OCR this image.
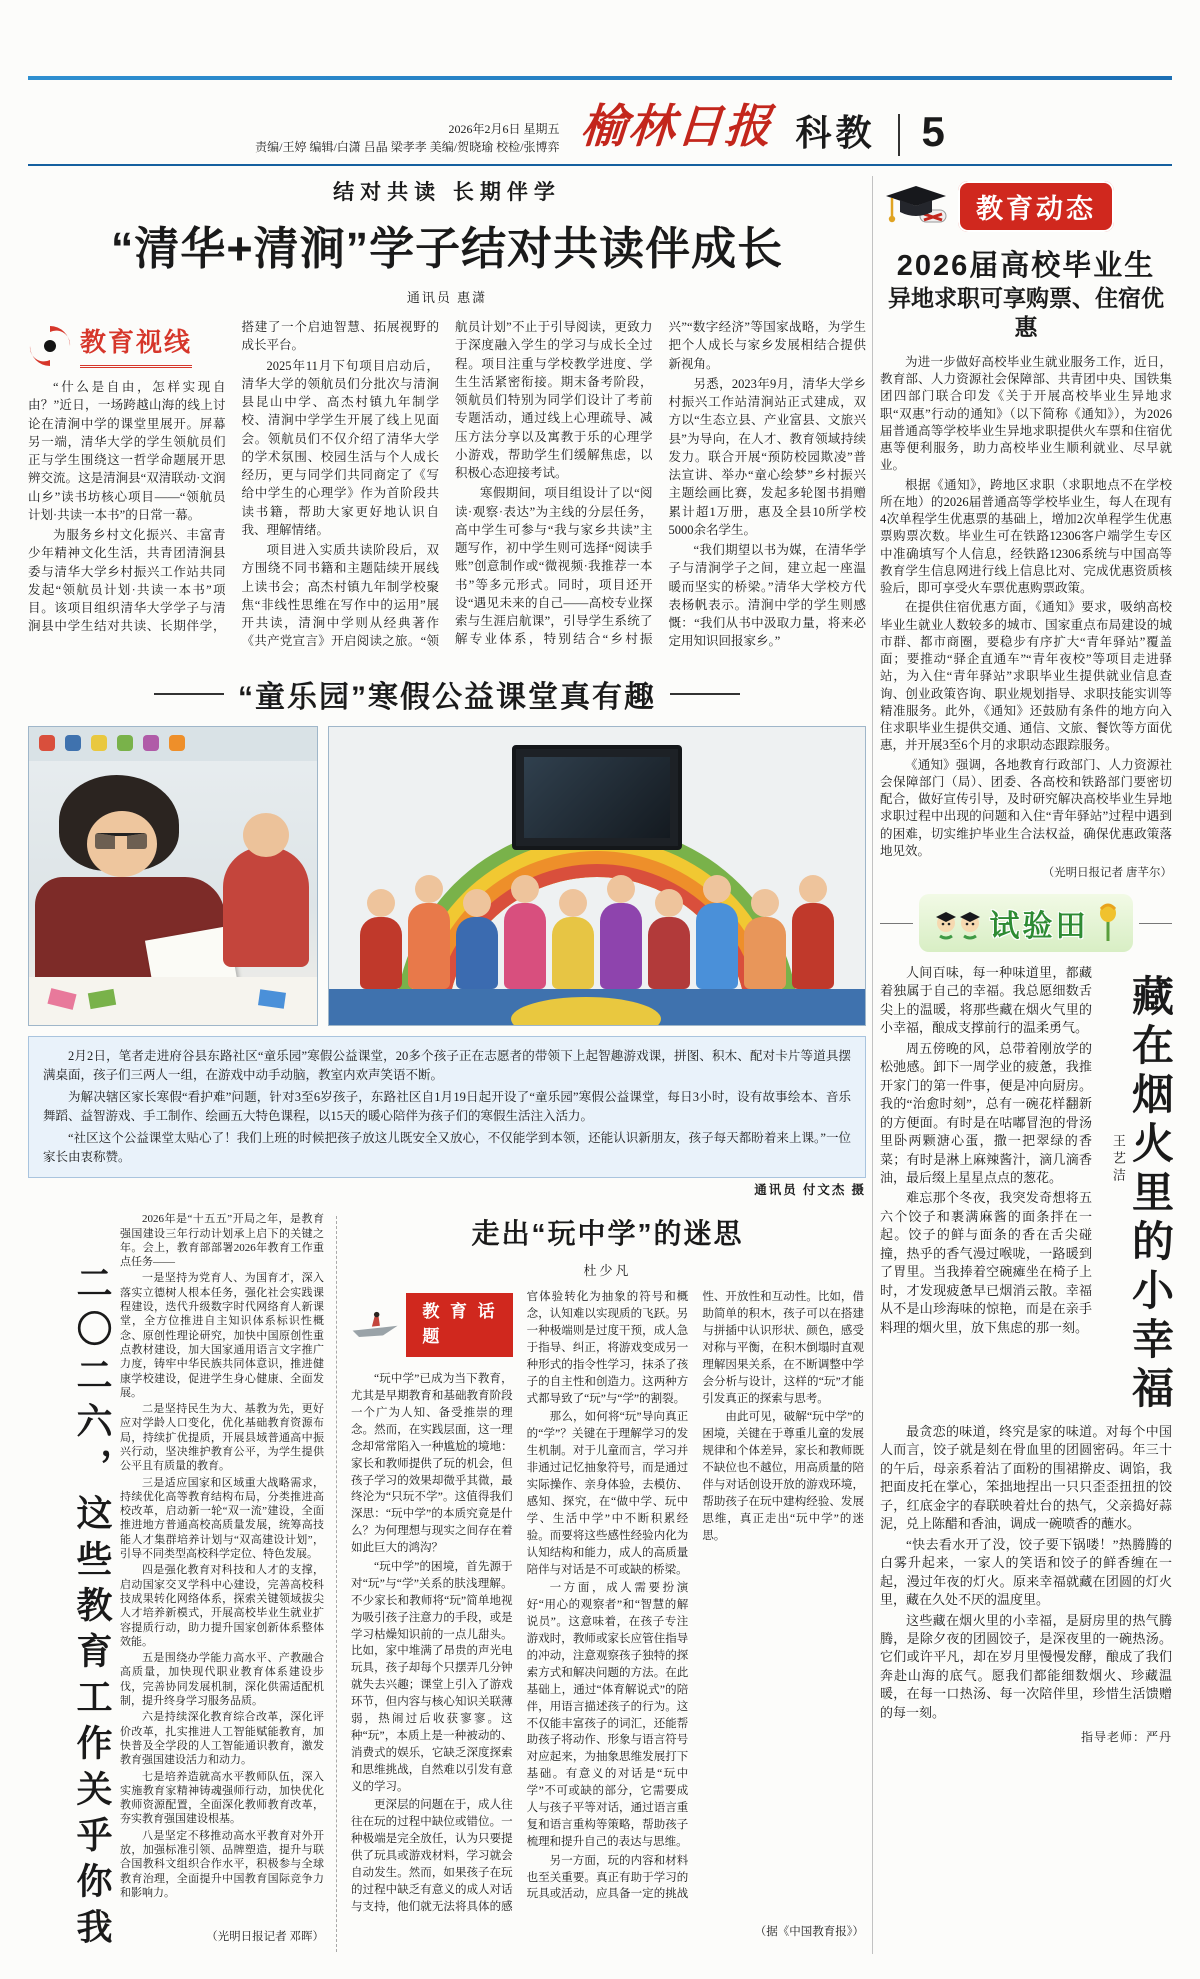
2026年2月6日 星期五
责编/王婷 编辑/白潇 吕晶 梁孝孝 美编/贺晓瑜 校检/张博弈 榆林日报 科教 5
结对共读 长期伴学
“清华+清涧”学子结对共读伴成长
通讯员 惠潇
教育视线

“什么是自由，怎样实现自由？”近日，一场跨越山海的线上讨论在清涧中学的课堂里展开。屏幕另一端，清华大学的学生领航员们正与学生围绕这一哲学命题展开思辨交流。这是清涧县“双清联动·文润山乡”读书坊核心项目——“领航员计划·共读一本书”的日常一幕。

为服务乡村文化振兴、丰富青少年精神文化生活，共青团清涧县委与清华大学乡村振兴工作站共同发起“领航员计划·共读一本书”项目。该项目组织清华大学学子与清涧县中学生结对共读、长期伴学，搭建了一个启迪智慧、拓展视野的成长平台。

2025年11月下旬项目启动后，清华大学的领航员们分批次与清涧县昆山中学、高杰村镇九年制学校、清涧中学学生开展了线上见面会。领航员们不仅介绍了清华大学的学术氛围、校园生活与个人成长经历，更与同学们共同商定了《写给中学生的心理学》作为首阶段共读书籍，帮助大家更好地认识自我、理解情绪。

项目进入实质共读阶段后，双方围绕不同书籍和主题陆续开展线上读书会；高杰村镇九年制学校聚焦“非线性思维在写作中的运用”展开共读，清涧中学则从经典著作《共产党宣言》开启阅读之旅。“领航员计划”不止于引导阅读，更致力于深度融入学生的学习与成长全过程。项目注重与学校教学进度、学生生活紧密衔接。期末备考阶段，领航员们特别为同学们设计了考前专题活动，通过线上心理疏导、减压方法分享以及寓教于乐的心理学小游戏，帮助学生们缓解焦虑，以积极心态迎接考试。

寒假期间，项目组设计了以“阅读·观察·表达”为主线的分层任务，高中学生可参与“我与家乡共读”主题写作，初中学生则可选择“阅读手账”创意制作或“微视频·我推荐一本书”等多元形式。同时，项目还开设“遇见未来的自己——高校专业探索与生涯启航课”，引导学生系统了解专业体系，特别结合“乡村振兴”“数字经济”等国家战略，为学生把个人成长与家乡发展相结合提供新视角。

另悉，2023年9月，清华大学乡村振兴工作站清涧站正式建成，双方以“生态立县、产业富县、文旅兴县”为导向，在人才、教育领域持续发力。联合开展“预防校园欺凌”普法宣讲、举办“童心绘梦”乡村振兴主题绘画比赛，发起多轮图书捐赠累计超1万册，惠及全县10所学校5000余名学生。

“我们期望以书为媒，在清华学子与清涧学子之间，建立起一座温暖而坚实的桥梁。”清华大学校方代表杨帆表示。清涧中学的学生则感慨：“我们从书中汲取力量，将来必定用知识回报家乡。”

“童乐园”寒假公益课堂真有趣

2月2日，笔者走进府谷县东路社区“童乐园”寒假公益课堂，20多个孩子正在志愿者的带领下上起智趣游戏课，拼图、积木、配对卡片等道具摆满桌面，孩子们三两人一组，在游戏中动手动脑，教室内欢声笑语不断。

为解决辖区家长寒假“看护难”问题，针对3至6岁孩子，东路社区自1月19日起开设了“童乐园”寒假公益课堂，每日3小时，设有故事绘本、音乐舞蹈、益智游戏、手工制作、绘画五大特色课程，以15天的暖心陪伴为孩子们的寒假生活注入活力。

“社区这个公益课堂太贴心了！我们上班的时候把孩子放这儿既安全又放心，不仅能学到本领，还能认识新朋友，孩子每天都盼着来上课。”一位家长由衷称赞。

通讯员 付文杰 摄
二〇二六，这些教育工作关乎你我

2026年是“十五五”开局之年，是教育强国建设三年行动计划承上启下的关键之年。会上，教育部部署2026年教育工作重点任务——

一是坚持为党育人、为国育才，深入落实立德树人根本任务，强化社会实践课程建设，迭代升级数字时代网络育人新课堂，全方位推进自主知识体系标识性概念、原创性理论研究，加快中国原创性重点教材建设，加大国家通用语言文字推广力度，铸牢中华民族共同体意识，推进健康学校建设，促进学生身心健康、全面发展。

二是坚持民生为大、基教为先，更好应对学龄人口变化，优化基础教育资源布局，持续扩优提质，开展县域普通高中振兴行动，坚决维护教育公平，为学生提供公平且有质量的教育。

三是适应国家和区域重大战略需求，持续优化高等教育结构布局，分类推进高校改革，启动新一轮“双一流”建设，全面推进地方普通高校高质量发展，统筹高技能人才集群培养计划与“双高建设计划”，引导不同类型高校科学定位、特色发展。

四是强化教育对科技和人才的支撑，启动国家交叉学科中心建设，完善高校科技成果转化网络体系，探索关键领域拔尖人才培养新模式，开展高校毕业生就业扩容提质行动，助力提升国家创新体系整体效能。

五是围绕办学能力高水平、产教融合高质量，加快现代职业教育体系建设步伐，完善协同发展机制，深化供需适配机制，提升终身学习服务品质。

六是持续深化教育综合改革，深化评价改革，扎实推进人工智能赋能教育，加快普及全学段的人工智能通识教育，激发教育强国建设活力和动力。

七是培养造就高水平教师队伍，深入实施教育家精神铸魂强师行动，加快优化教师资源配置，全面深化教师教育改革，夯实教育强国建设根基。

八是坚定不移推动高水平教育对外开放，加强标准引领、品牌塑造，提升与联合国教科文组织合作水平，积极参与全球教育治理，全面提升中国教育国际竞争力和影响力。

（光明日报记者 邓晖）
走出“玩中学”的迷思
杜少凡
教育话题

“玩中学”已成为当下教育，尤其是早期教育和基础教育阶段一个广为人知、备受推崇的理念。然而，在实践层面，这一理念却常常陷入一种尴尬的境地：家长和教师提供了玩的机会，但孩子学习的效果却微乎其微，最终沦为“只玩不学”。这值得我们深思：“玩中学”的本质究竟是什么？为何理想与现实之间存在着如此巨大的鸿沟？

“玩中学”的困境，首先源于对“玩”与“学”关系的肤浅理解。不少家长和教师将“玩”简单地视为吸引孩子注意力的手段，或是学习枯燥知识前的一点儿甜头。比如，家中堆满了昂贵的声光电玩具，孩子却每个只摆弄几分钟就失去兴趣；课堂上引入了游戏环节，但内容与核心知识关联薄弱，热闹过后收获寥寥。这种“玩”，本质上是一种被动的、消费式的娱乐，它缺乏深度探索和思维挑战，自然难以引发有意义的学习。

更深层的问题在于，成人往往在玩的过程中缺位或错位。一种极端是完全放任，认为只要提供了玩具或游戏材料，学习就会自动发生。然而，如果孩子在玩的过程中缺乏有意义的成人对话与支持，他们就无法将具体的感官体验转化为抽象的符号和概念，认知难以实现质的飞跃。另一种极端则是过度干预，成人急于指导、纠正，将游戏变成另一种形式的指令性学习，抹杀了孩子的自主性和创造力。这两种方式都导致了“玩”与“学”的割裂。

那么，如何将“玩”导向真正的“学”？关键在于理解学习的发生机制。对于儿童而言，学习并非通过记忆抽象符号，而是通过实际操作、亲身体验，去模仿、感知、探究，在“做中学、玩中学、生活中学”中不断积累经验。而要将这些感性经验内化为认知结构和能力，成人的高质量陪伴与对话是不可或缺的桥梁。

一方面，成人需要扮演好“用心的观察者”和“智慧的解说员”。这意味着，在孩子专注游戏时，教师或家长应管住指导的冲动，注意观察孩子独特的探索方式和解决问题的方法。在此基础上，通过“体育解说式”的陪伴，用语言描述孩子的行为。这不仅能丰富孩子的词汇，还能帮助孩子将动作、形象与语言符号对应起来，为抽象思维发展打下基础。有意义的对话是“玩中学”不可或缺的部分，它需要成人与孩子平等对话，通过语言重复和语言重构等策略，帮助孩子梳理和提升自己的表达与思维。

另一方面，玩的内容和材料也至关重要。真正有助于学习的玩具或活动，应具备一定的挑战性、开放性和互动性。比如，借助简单的积木，孩子可以在搭建与拼插中认识形状、颜色，感受对称与平衡，在积木倒塌时直观理解因果关系，在不断调整中学会分析与设计，这样的“玩”才能引发真正的探索与思考。

由此可见，破解“玩中学”的困境，关键在于尊重儿童的发展规律和个体差异，家长和教师既不缺位也不越位，用高质量的陪伴与对话创设开放的游戏环境，帮助孩子在玩中建构经验、发展思维，真正走出“玩中学”的迷思。

（据《中国教育报》）
教育动态
2026届高校毕业生
异地求职可享购票、住宿优惠

为进一步做好高校毕业生就业服务工作，近日，教育部、人力资源社会保障部、共青团中央、国铁集团四部门联合印发《关于开展高校毕业生异地求职“双惠”行动的通知》（以下简称《通知》），为2026届普通高等学校毕业生异地求职提供火车票和住宿优惠等便利服务，助力高校毕业生顺利就业、尽早就业。

根据《通知》，跨地区求职（求职地点不在学校所在地）的2026届普通高等学校毕业生，每人在现有4次单程学生优惠票的基础上，增加2次单程学生优惠票购票次数。毕业生可在铁路12306客户端学生专区中准确填写个人信息，经铁路12306系统与中国高等教育学生信息网进行线上信息比对、完成优惠资质核验后，即可享受火车票优惠购票政策。

在提供住宿优惠方面，《通知》要求，吸纳高校毕业生就业人数较多的城市、国家重点布局建设的城市群、都市商圈，要稳步有序扩大“青年驿站”覆盖面；要推动“驿企直通车”“青年夜校”等项目走进驿站，为入住“青年驿站”求职毕业生提供就业信息查询、创业政策咨询、职业规划指导、求职技能实训等精准服务。此外，《通知》还鼓励有条件的地方向入住求职毕业生提供交通、通信、文旅、餐饮等方面优惠，并开展3至6个月的求职动态跟踪服务。

《通知》强调，各地教育行政部门、人力资源社会保障部门（局）、团委、各高校和铁路部门要密切配合，做好宣传引导，及时研究解决高校毕业生异地求职过程中出现的问题和入住“青年驿站”过程中遇到的困难，切实维护毕业生合法权益，确保优惠政策落地见效。

（光明日报记者 唐芊尔）
试验田

人间百味，每一种味道里，都藏着独属于自己的幸福。我总愿细数舌尖上的温暖，将那些藏在烟火气里的小幸福，酿成支撑前行的温柔勇气。

周五傍晚的风，总带着刚放学的松弛感。卸下一周学业的疲惫，我推开家门的第一件事，便是冲向厨房。我的“治愈时刻”，总有一碗花样翻新的方便面。有时是在咕嘟冒泡的骨汤里卧两颗溏心蛋，撒一把翠绿的香菜；有时是淋上麻辣酱汁，滴几滴香油，最后缀上星星点点的葱花。

难忘那个冬夜，我突发奇想将五六个饺子和裹满麻酱的面条拌在一起。饺子的鲜与面条的香在舌尖碰撞，热乎的香气漫过喉咙，一路暖到了胃里。当我捧着空碗瘫坐在椅子上时，才发现疲惫早已烟消云散。幸福从不是山珍海味的惊艳，而是在亲手料理的烟火里，放下焦虑的那一刻。

王艺洁 藏在烟火里的小幸福

最贪恋的味道，终究是家的味道。对每个中国人而言，饺子就是刻在骨血里的团圆密码。年三十的午后，母亲系着沾了面粉的围裙擀皮、调馅，我把面皮托在掌心，笨拙地捏出一只只歪歪扭扭的饺子，红底金字的春联映着灶台的热气，父亲捣好蒜泥，兑上陈醋和香油，调成一碗喷香的蘸水。

“快去看水开了没，饺子要下锅喽！”热腾腾的白雾升起来，一家人的笑语和饺子的鲜香缠在一起，漫过年夜的灯火。原来幸福就藏在团圆的灯火里，藏在久处不厌的温度里。

这些藏在烟火里的小幸福，是厨房里的热气腾腾，是除夕夜的团圆饺子，是深夜里的一碗热汤。它们或许平凡，却在岁月里慢慢发酵，酿成了我们奔赴山海的底气。愿我们都能细数烟火、珍藏温暖，在每一口热汤、每一次陪伴里，珍惜生活馈赠的每一刻。

指导老师：严丹
